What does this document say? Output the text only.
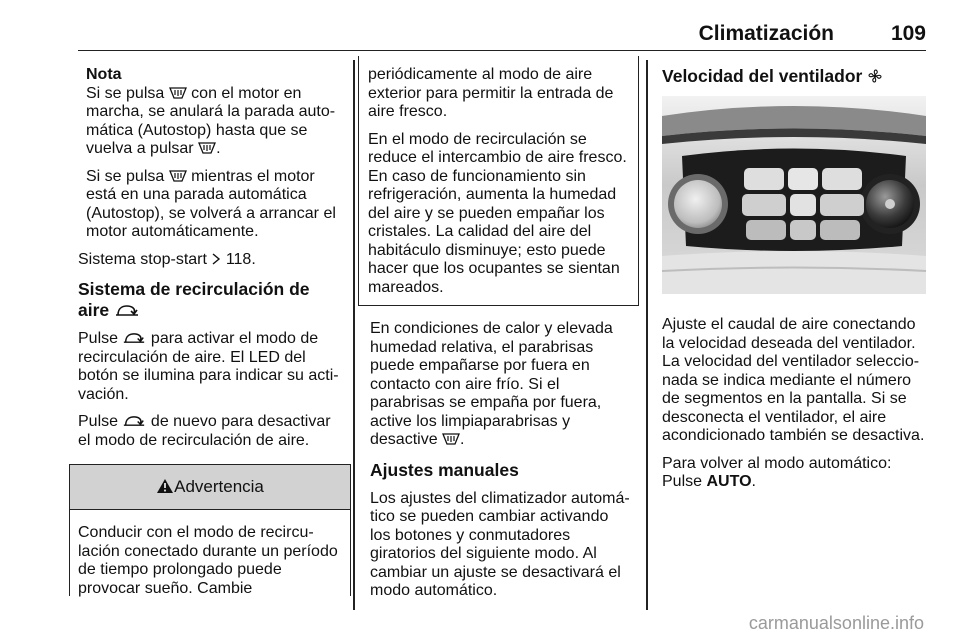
Climatización	109

Nota

Si se pulsa  con el motor en marcha, se anulará la parada automática (Autostop) hasta que se vuelva a pulsar .

Si se pulsa  mientras el motor está en una parada automática (Autostop), se volverá a arrancar el motor automáticamente.

Sistema stop-start  118.

Sistema de recirculación de aire

Pulse  para activar el modo de recirculación de aire. El LED del botón se ilumina para indicar su activación.

Pulse  de nuevo para desactivar el modo de recirculación de aire.

Advertencia
Conducir con el modo de recirculación conectado durante un período de tiempo prolongado puede provocar sueño. Cambie

periódicamente al modo de aire exterior para permitir la entrada de aire fresco.

En el modo de recirculación se reduce el intercambio de aire fresco. En caso de funcionamiento sin refrigeración, aumenta la humedad del aire y se pueden empañar los cristales. La calidad del aire del habitáculo disminuye; esto puede hacer que los ocupantes se sientan mareados.

En condiciones de calor y elevada humedad relativa, el parabrisas puede empañarse por fuera en contacto con aire frío. Si el parabrisas se empaña por fuera, active los limpiaparabrisas y desactive .

Ajustes manuales

Los ajustes del climatizador automático se pueden cambiar activando los botones y conmutadores giratorios del siguiente modo. Al cambiar un ajuste se desactivará el modo automático.

Velocidad del ventilador

Ajuste el caudal de aire conectando la velocidad deseada del ventilador. La velocidad del ventilador seleccionada se indica mediante el número de segmentos en la pantalla. Si se desconecta el ventilador, el aire acondicionado también se desactiva.

Para volver al modo automático:
Pulse AUTO.

carmanualsonline.info
